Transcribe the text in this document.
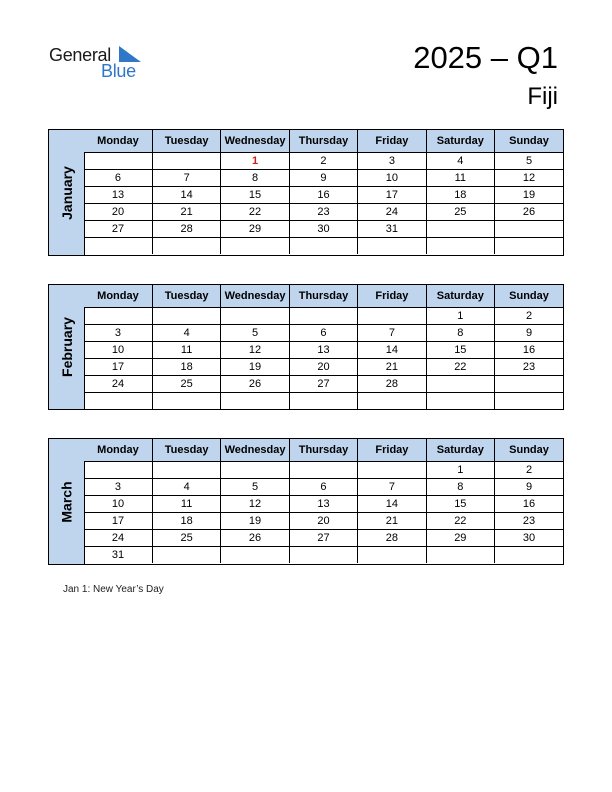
General
Blue	2025 – Q1
Fiji
January
Monday	Tuesday	Wednesday	Thursday	Friday	Saturday	Sunday
		1	2	3	4	5
6	7	8	9	10	11	12
13	14	15	16	17	18	19
20	21	22	23	24	25	26
27	28	29	30	31		

February
Monday	Tuesday	Wednesday	Thursday	Friday	Saturday	Sunday
					1	2
3	4	5	6	7	8	9
10	11	12	13	14	15	16
17	18	19	20	21	22	23
24	25	26	27	28		

March
Monday	Tuesday	Wednesday	Thursday	Friday	Saturday	Sunday
					1	2
3	4	5	6	7	8	9
10	11	12	13	14	15	16
17	18	19	20	21	22	23
24	25	26	27	28	29	30
31						
Jan 1: New Year’s Day
